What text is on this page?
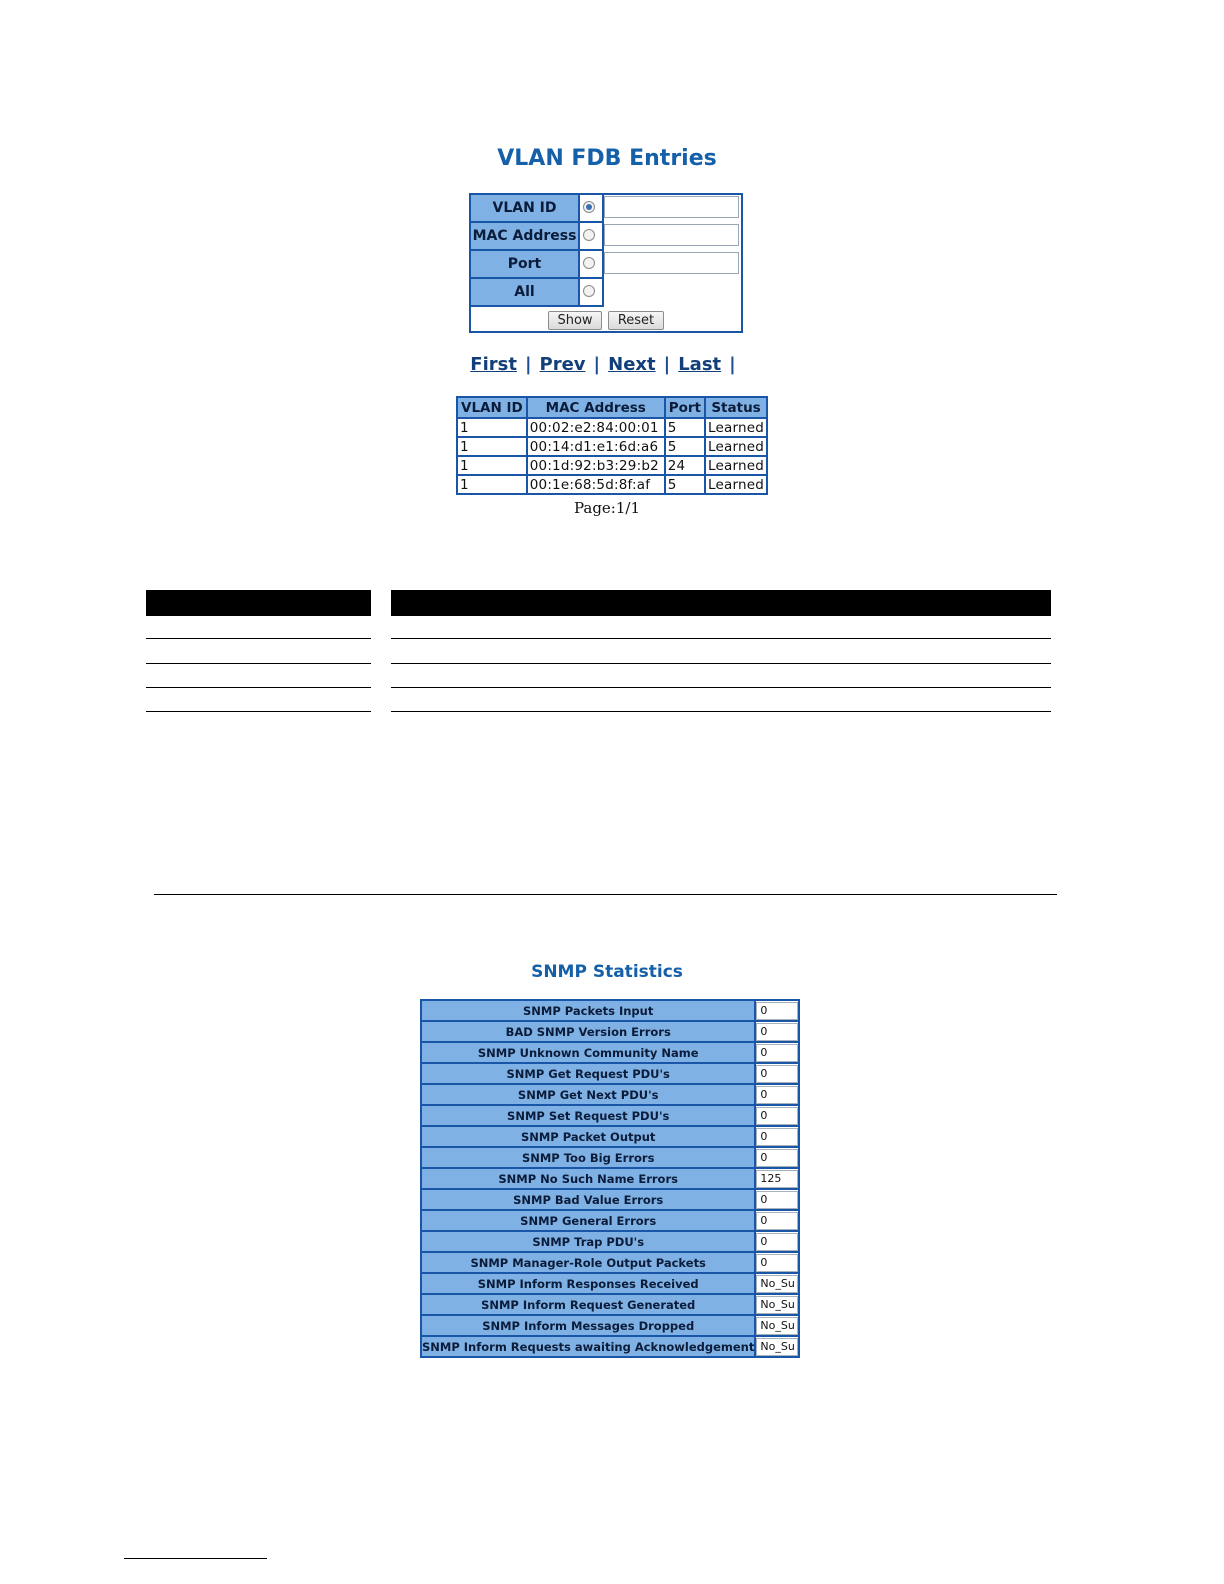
VLAN FDB Entries
VLAN ID
MAC Address
Port
All
Show	Reset
First | Prev | Next | Last |
VLAN ID	MAC Address	Port	Status
1	00:02:e2:84:00:01	5	Learned
1	00:14:d1:e1:6d:a6	5	Learned
1	00:1d:92:b3:29:b2	24	Learned
1	00:1e:68:5d:8f:af	5	Learned
Page:1/1
SNMP Statistics
SNMP Packets Input	0

BAD SNMP Version Errors	0

SNMP Unknown Community Name	0

SNMP Get Request PDU's	0

SNMP Get Next PDU's	0

SNMP Set Request PDU's	0

SNMP Packet Output	0

SNMP Too Big Errors	0

SNMP No Such Name Errors	125

SNMP Bad Value Errors	0

SNMP General Errors	0

SNMP Trap PDU's	0

SNMP Manager-Role Output Packets	0

SNMP Inform Responses Received	No_Su

SNMP Inform Request Generated	No_Su

SNMP Inform Messages Dropped	No_Su

SNMP Inform Requests awaiting Acknowledgement	No_Su
